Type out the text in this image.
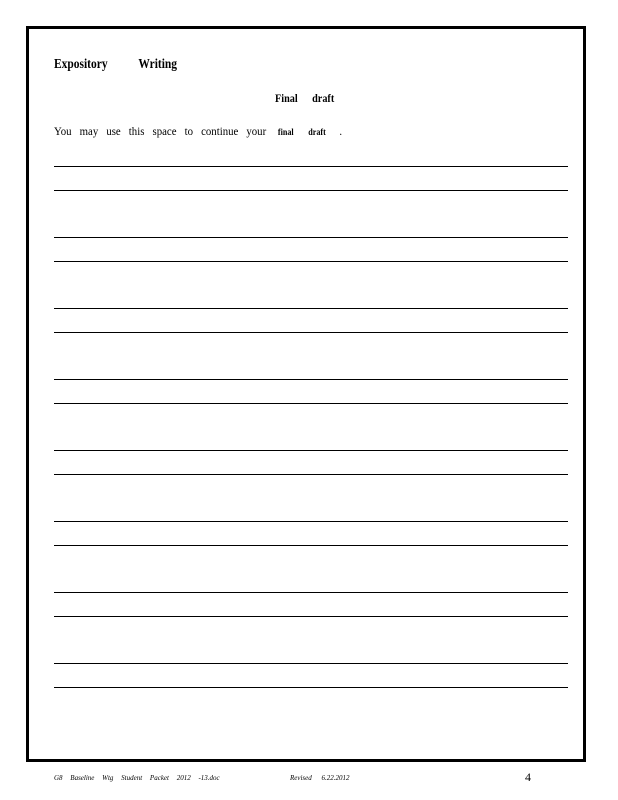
Expository Writing
Final draft
You may use this space to continue your final draft .
G8 Baseline Wtg Student Packet 2012 -13.doc	Revised 6.22.2012	4
